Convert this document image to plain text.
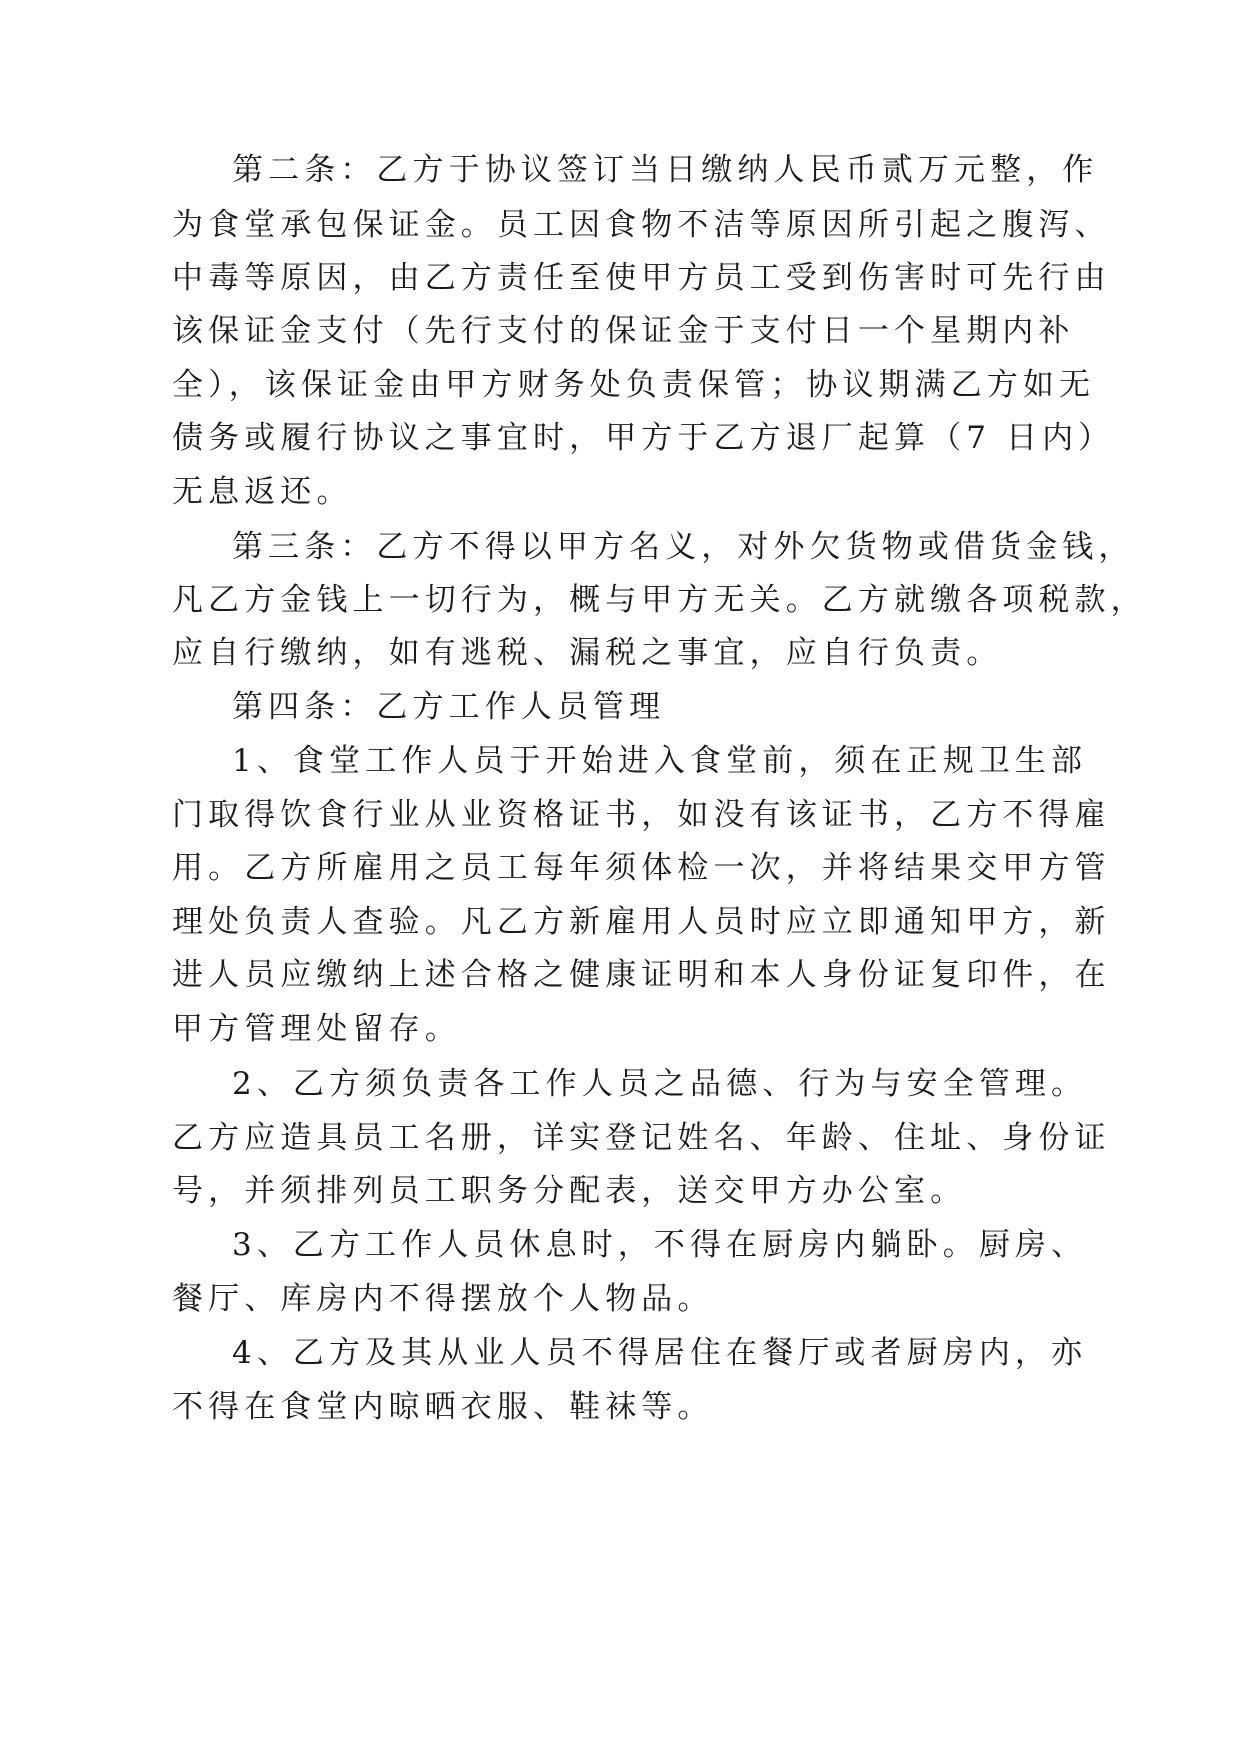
第二条：乙方于协议签订当日缴纳人民币贰万元整，作
为食堂承包保证金。员工因食物不洁等原因所引起之腹泻、
中毒等原因，由乙方责任至使甲方员工受到伤害时可先行由
该保证金支付（先行支付的保证金于支付日一个星期内补
全），该保证金由甲方财务处负责保管；协议期满乙方如无
债务或履行协议之事宜时，甲方于乙方退厂起算（7 日内）
无息返还。
第三条：乙方不得以甲方名义，对外欠货物或借货金钱，
凡乙方金钱上一切行为，概与甲方无关。乙方就缴各项税款，
应自行缴纳，如有逃税、漏税之事宜，应自行负责。
第四条：乙方工作人员管理
1、食堂工作人员于开始进入食堂前，须在正规卫生部
门取得饮食行业从业资格证书，如没有该证书，乙方不得雇
用。乙方所雇用之员工每年须体检一次，并将结果交甲方管
理处负责人查验。凡乙方新雇用人员时应立即通知甲方，新
进人员应缴纳上述合格之健康证明和本人身份证复印件，在
甲方管理处留存。
2、乙方须负责各工作人员之品德、行为与安全管理。
乙方应造具员工名册，详实登记姓名、年龄、住址、身份证
号，并须排列员工职务分配表，送交甲方办公室。
3、乙方工作人员休息时，不得在厨房内躺卧。厨房、
餐厅、库房内不得摆放个人物品。
4、乙方及其从业人员不得居住在餐厅或者厨房内，亦
不得在食堂内晾晒衣服、鞋袜等。
